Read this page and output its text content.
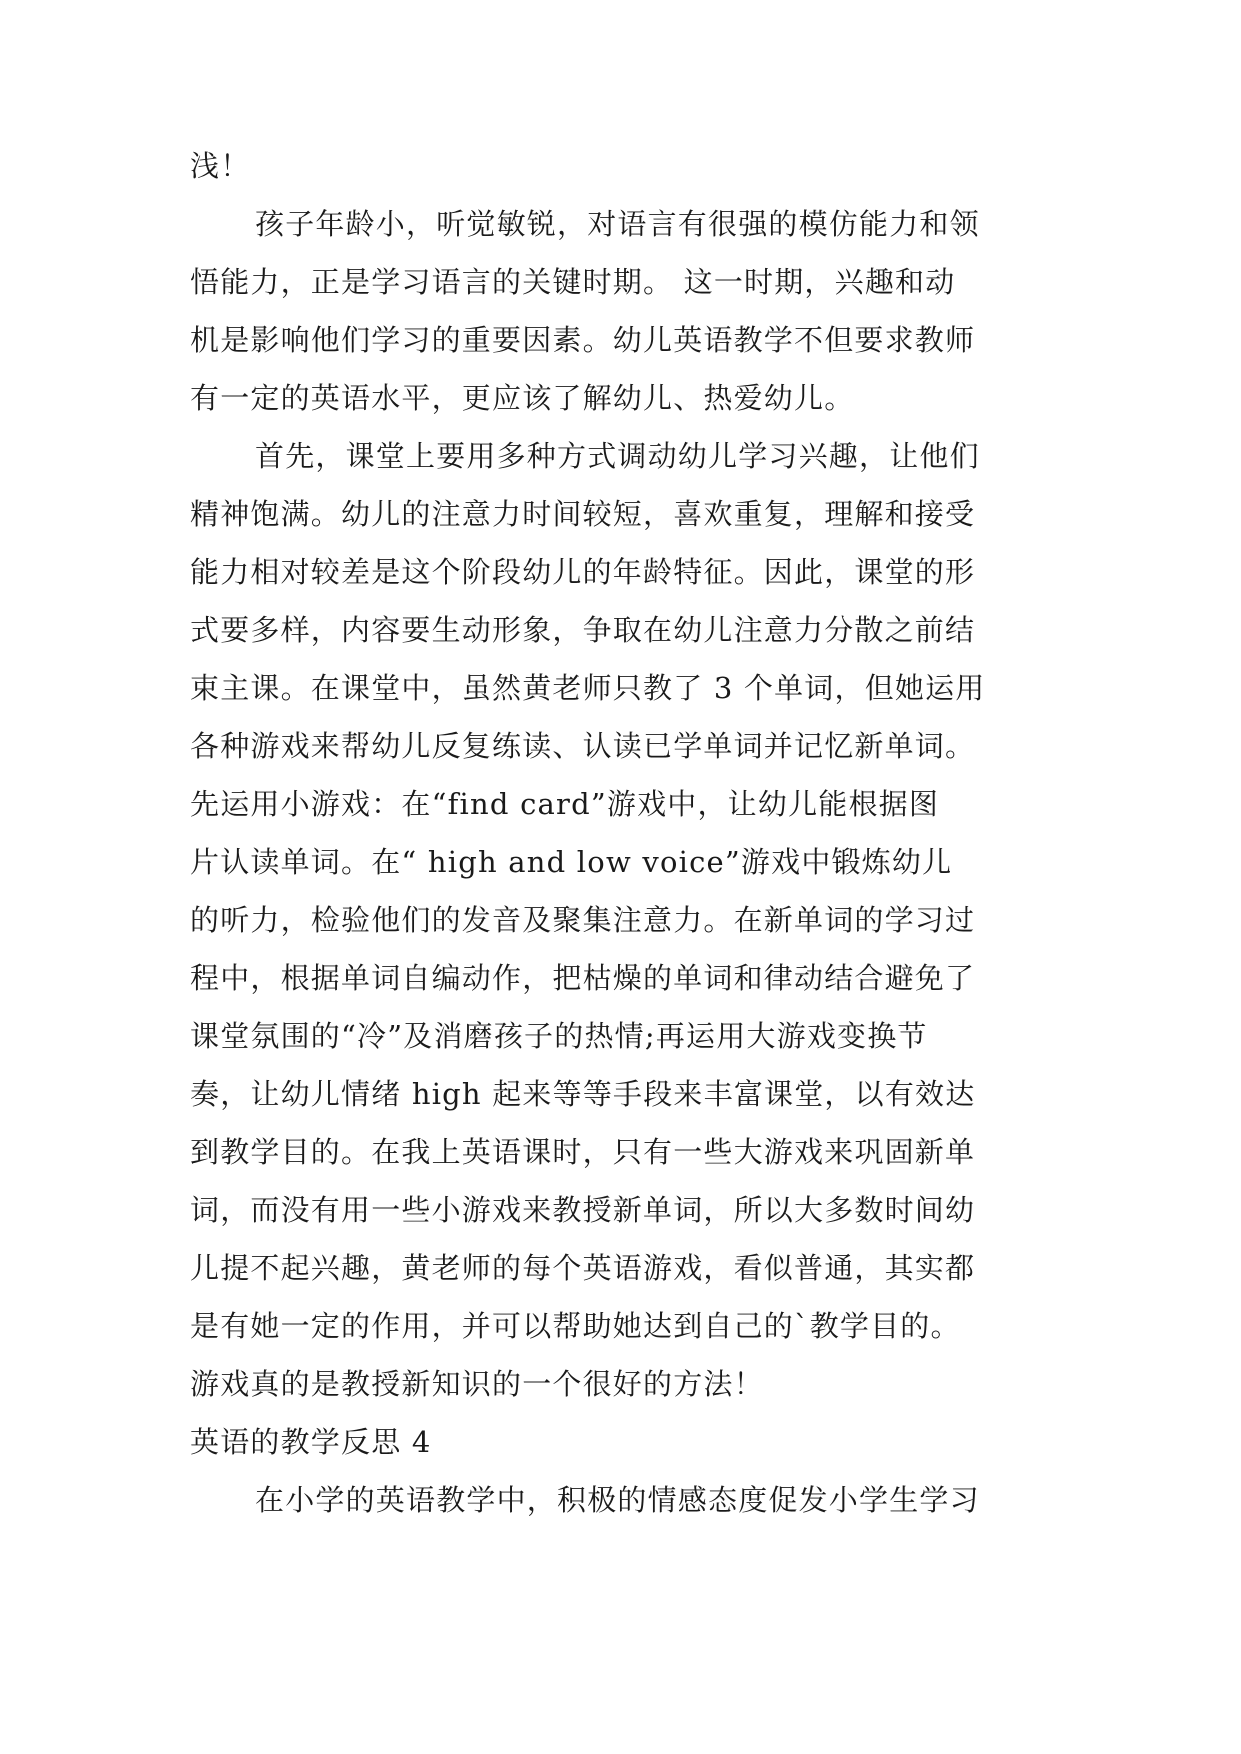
浅！
孩子年龄小，听觉敏锐，对语言有很强的模仿能力和领
悟能力，正是学习语言的关键时期。 这一时期，兴趣和动
机是影响他们学习的重要因素。幼儿英语教学不但要求教师
有一定的英语水平，更应该了解幼儿、热爱幼儿。
首先，课堂上要用多种方式调动幼儿学习兴趣，让他们
精神饱满。幼儿的注意力时间较短，喜欢重复，理解和接受
能力相对较差是这个阶段幼儿的年龄特征。因此，课堂的形
式要多样，内容要生动形象，争取在幼儿注意力分散之前结
束主课。在课堂中，虽然黄老师只教了 3 个单词，但她运用
各种游戏来帮幼儿反复练读、认读已学单词并记忆新单词。
先运用小游戏：在“find card”游戏中，让幼儿能根据图
片认读单词。在“ high and low voice”游戏中锻炼幼儿
的听力，检验他们的发音及聚集注意力。在新单词的学习过
程中，根据单词自编动作，把枯燥的单词和律动结合避免了
课堂氛围的“冷”及消磨孩子的热情;再运用大游戏变换节
奏，让幼儿情绪 high 起来等等手段来丰富课堂，以有效达
到教学目的。在我上英语课时，只有一些大游戏来巩固新单
词，而没有用一些小游戏来教授新单词，所以大多数时间幼
儿提不起兴趣，黄老师的每个英语游戏，看似普通，其实都
是有她一定的作用，并可以帮助她达到自己的`教学目的。
游戏真的是教授新知识的一个很好的方法！
英语的教学反思 4
在小学的英语教学中，积极的情感态度促发小学生学习
